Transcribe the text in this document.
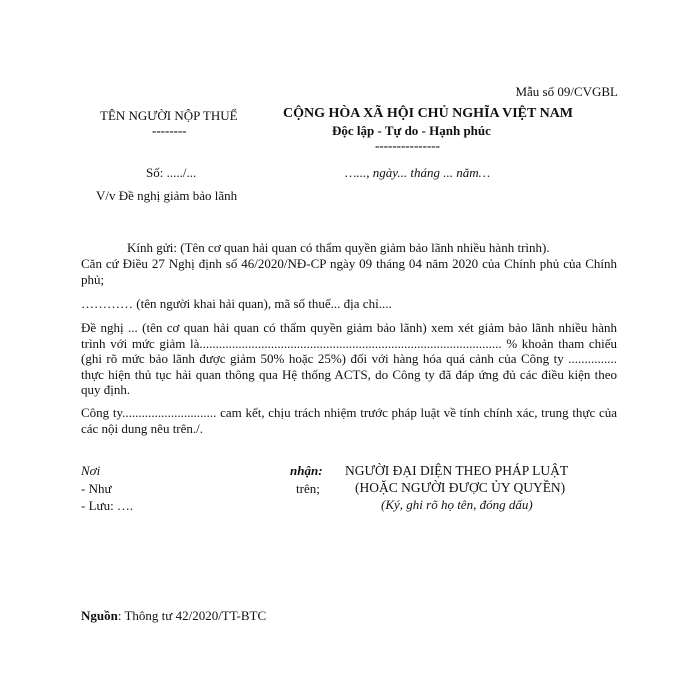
Mẫu số 09/CVGBL
TÊN NGƯỜI NỘP THUẾ
--------
CỘNG HÒA XÃ HỘI CHỦ NGHĨA VIỆT NAM
Độc lập - Tự do - Hạnh phúc
---------------
Số: ...../...	…..., ngày... tháng ... năm…
V/v Đề nghị giảm bảo lãnh
Kính gửi: (Tên cơ quan hải quan có thẩm quyền giảm bảo lãnh nhiều hành trình).
Căn cứ Điều 27 Nghị định số 46/2020/NĐ-CP ngày 09 tháng 04 năm 2020 của Chính phủ của Chính phủ;
………… (tên người khai hải quan), mã số thuế... địa chỉ....
Đề nghị ... (tên cơ quan hải quan có thẩm quyền giảm bảo lãnh) xem xét giảm bảo lãnh nhiều hành trình với mức giảm là............................................................................................. % khoản tham chiếu (ghi rõ mức bảo lãnh được giảm 50% hoặc 25%) đối với hàng hóa quá cảnh của Công ty ............... thực hiện thủ tục hải quan thông qua Hệ thống ACTS, do Công ty đã đáp ứng đủ các điều kiện theo quy định.
Công ty............................. cam kết, chịu trách nhiệm trước pháp luật về tính chính xác, trung thực của các nội dung nêu trên./.
Nơi	nhận:
- Như	trên;
- Lưu: ….
NGƯỜI ĐẠI DIỆN THEO PHÁP LUẬT
(HOẶC NGƯỜI ĐƯỢC ỦY QUYỀN)
(Ký, ghi rõ họ tên, đóng dấu)
Nguồn: Thông tư 42/2020/TT-BTC
